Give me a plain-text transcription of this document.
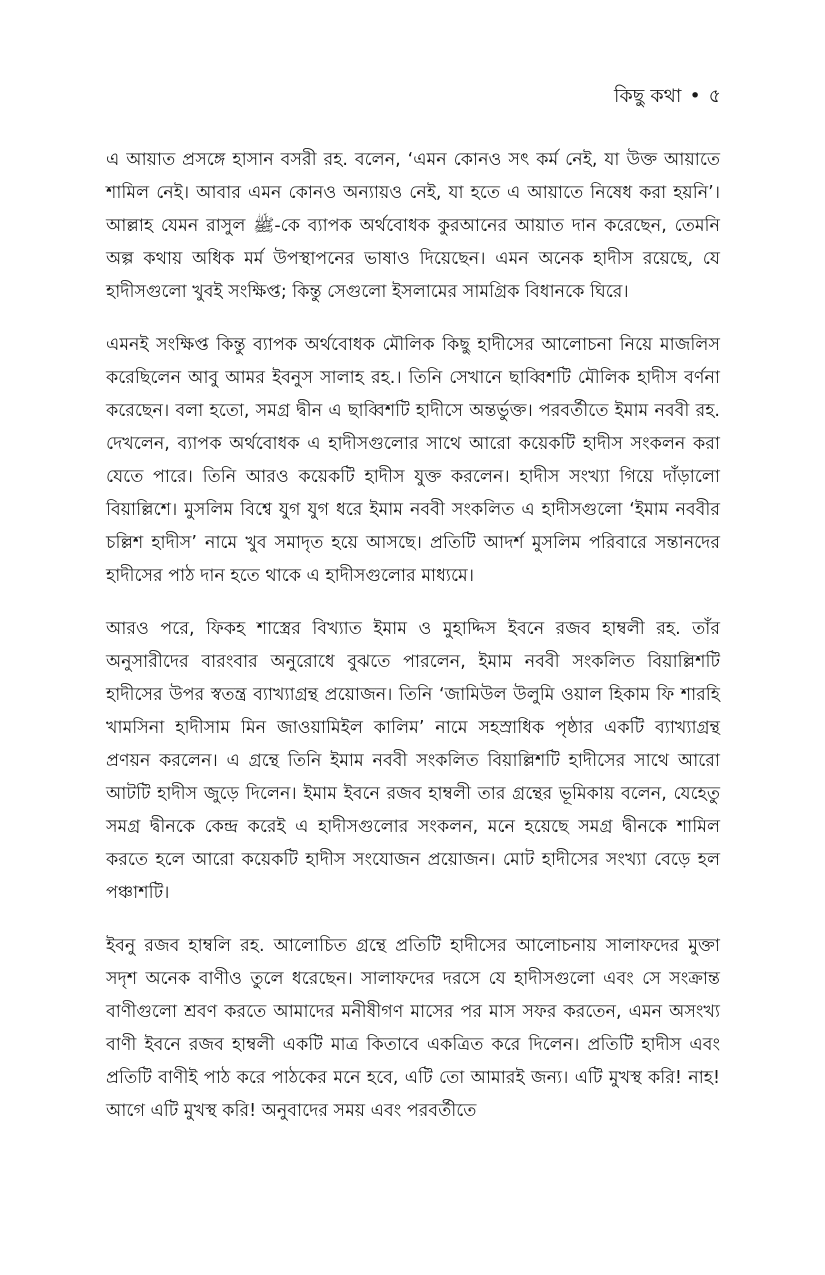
কিছু কথা • ৫

এ আয়াত প্রসঙ্গে হাসান বসরী রহ. বলেন, ‘এমন কোনও সৎ কর্ম নেই, যা উক্ত আয়াতে শামিল নেই। আবার এমন কোনও অন্যায়ও নেই, যা হতে এ আয়াতে নিষেধ করা হয়নি’। আল্লাহ যেমন রাসুল ﷺ-কে ব্যাপক অর্থবোধক কুরআনের আয়াত দান করেছেন, তেমনি অল্প কথায় অধিক মর্ম উপস্থাপনের ভাষাও দিয়েছেন। এমন অনেক হাদীস রয়েছে, যে হাদীসগুলো খুবই সংক্ষিপ্ত; কিন্তু সেগুলো ইসলামের সামগ্রিক বিধানকে ঘিরে।

এমনই সংক্ষিপ্ত কিন্তু ব্যাপক অর্থবোধক মৌলিক কিছু হাদীসের আলোচনা নিয়ে মাজলিস করেছিলেন আবু আমর ইবনুস সালাহ রহ.। তিনি সেখানে ছাব্বিশটি মৌলিক হাদীস বর্ণনা করেছেন। বলা হতো, সমগ্র দ্বীন এ ছাব্বিশটি হাদীসে অন্তর্ভুক্ত। পরবর্তীতে ইমাম নববী রহ. দেখলেন, ব্যাপক অর্থবোধক এ হাদীসগুলোর সাথে আরো কয়েকটি হাদীস সংকলন করা যেতে পারে। তিনি আরও কয়েকটি হাদীস যুক্ত করলেন। হাদীস সংখ্যা গিয়ে দাঁড়ালো বিয়াল্লিশে। মুসলিম বিশ্বে যুগ যুগ ধরে ইমাম নববী সংকলিত এ হাদীসগুলো ‘ইমাম নববীর চল্লিশ হাদীস’ নামে খুব সমাদৃত হয়ে আসছে। প্রতিটি আদর্শ মুসলিম পরিবারে সন্তানদের হাদীসের পাঠ দান হতে থাকে এ হাদীসগুলোর মাধ্যমে।

আরও পরে, ফিকহ শাস্ত্রের বিখ্যাত ইমাম ও মুহাদ্দিস ইবনে রজব হাম্বলী রহ. তাঁর অনুসারীদের বারংবার অনুরোধে বুঝতে পারলেন, ইমাম নববী সংকলিত বিয়াল্লিশটি হাদীসের উপর স্বতন্ত্র ব্যাখ্যাগ্রন্থ প্রয়োজন। তিনি ‘জামিউল উলুমি ওয়াল হিকাম ফি শারহি খামসিনা হাদীসাম মিন জাওয়ামিইল কালিম’ নামে সহস্রাধিক পৃষ্ঠার একটি ব্যাখ্যাগ্রন্থ প্রণয়ন করলেন। এ গ্রন্থে তিনি ইমাম নববী সংকলিত বিয়াল্লিশটি হাদীসের সাথে আরো আটটি হাদীস জুড়ে দিলেন। ইমাম ইবনে রজব হাম্বলী তার গ্রন্থের ভূমিকায় বলেন, যেহেতু সমগ্র দ্বীনকে কেন্দ্র করেই এ হাদীসগুলোর সংকলন, মনে হয়েছে সমগ্র দ্বীনকে শামিল করতে হলে আরো কয়েকটি হাদীস সংযোজন প্রয়োজন। মোট হাদীসের সংখ্যা বেড়ে হল পঞ্চাশটি।

ইবনু রজব হাম্বলি রহ. আলোচিত গ্রন্থে প্রতিটি হাদীসের আলোচনায় সালাফদের মুক্তা সদৃশ অনেক বাণীও তুলে ধরেছেন। সালাফদের দরসে যে হাদীসগুলো এবং সে সংক্রান্ত বাণীগুলো শ্রবণ করতে আমাদের মনীষীগণ মাসের পর মাস সফর করতেন, এমন অসংখ্য বাণী ইবনে রজব হাম্বলী একটি মাত্র কিতাবে একত্রিত করে দিলেন। প্রতিটি হাদীস এবং প্রতিটি বাণীই পাঠ করে পাঠকের মনে হবে, এটি তো আমারই জন্য। এটি মুখস্থ করি! নাহ! আগে এটি মুখস্থ করি! অনুবাদের সময় এবং পরবর্তীতে
